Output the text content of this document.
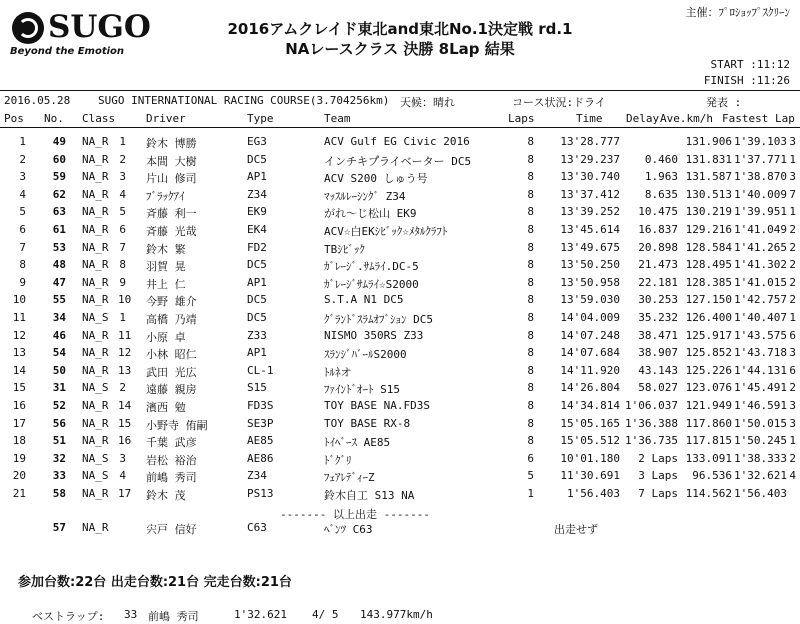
SUGO
Beyond the Emotion
主催：ﾌﾟﾛｼｮｯﾌﾟｽｸﾘｰﾝ
2016アムクレイド東北and東北No.1決定戦 rd.1
NAレースクラス 決勝 8Lap 結果
START :11:12
FINISH :11:26
2016.05.28	SUGO INTERNATIONAL RACING COURSE(3.704256km) 天候：晴れ	コース状況:ドライ	発表 :
Pos No. Class	Driver	Type	Team	Laps	Time Delay Ave.km/h Fastest Lap
1	49 NA_R 1 鈴木 博勝	EG3	ACV Gulf EG Civic 2016	8	13'28.777	131.906 1'39.103 3
2	60 NA_R 2 本間 大樹	DC5	インチキプ゚ライベーター DC5	8	13'29.237	0.460 131.831 1'37.771 1
3	59 NA_R 3 片山 修司	AP1	ACV S200 しゅう号	8	13'30.740	1.963 131.587 1'38.870 3
4	62 NA_R 4 ﾌﾞﾗｯｸｱｲ	Z34	ﾏｯｽﾙﾚｰｼﾝｸﾞ Z34	8	13'37.412	8.635 130.513 1'40.009 7
5	63 NA_R 5 斉藤 利一	EK9	がれ～じ松山 EK9	8	13'39.252	10.475 130.219 1'39.951 1
6	61 NA_R 6 斉藤 光哉	EK4	ACV☆白EKｼﾋﾞｯｸ☆ﾒﾀﾙｸﾗﾌﾄ	8	13'45.614	16.837 129.216 1'41.049 2
7	53 NA_R 7 鈴木 繁	FD2	TBｼﾋﾞｯｸ	8	13'49.675	20.898 128.584 1'41.265 2
8	48 NA_R 8 羽賀 晃	DC5	ｶﾞﾚｰｼﾞ.ｻﾑﾗｲ.DC-5	8	13'50.250	21.473 128.495 1'41.302 2
9	47 NA_R 9 井上 仁	AP1	ｶﾞﾚｰｼﾞｻﾑﾗｲ☆S2000	8	13'50.958	22.181 128.385 1'41.015 2
10	55 NA_R 10 今野 雄介	DC5	S.T.A N1 DC5	8	13'59.030	30.253 127.150 1'42.757 2
11	34 NA_S 1 高橋 乃靖	DC5	ｸﾞﾗﾝﾄﾞｽﾗﾑｵﾌﾞｼｮﾝ DC5	8	14'04.009	35.232 126.400 1'40.407 1
12	46 NA_R 11 小原 卓	Z33	NISMO 350RS Z33	8	14'07.248	38.471 125.917 1'43.575 6
13	54 NA_R 12 小林 昭仁	AP1	ｽﾗﾝｼﾞﾊﾞｰﾙS2000	8	14'07.684	38.907 125.852 1'43.718 3
14	50 NA_R 13 武田 光広	CL-1	ﾄﾙﾈオ	8	14'11.920	43.143 125.226 1'44.131 6
15	31 NA_S 2 遠藤 親房	S15	ﾌｧｲﾝﾄﾞｵｰﾄ S15	8	14'26.804	58.027 123.076 1'45.491 2
16	52 NA_R 14 濱西 勉	FD3S	TOY BASE NA.FD3S	8	14'34.814 1'06.037 121.949 1'46.591 3
17	56 NA_R 15 小野寺 侑嗣	SE3P	TOY BASE RX-8	8	15'05.165 1'36.388 117.860 1'50.015 3
18	51 NA_R 16 千葉 武彦	AE85	ﾄｲﾍﾞｰｽ AE85	8	15'05.512 1'36.735 117.815 1'50.245 1
19	32 NA_S 3 岩松 裕治	AE86	ﾄﾞｸﾞﾘ	6	10'01.180	2 Laps 133.091 1'38.333 2
20	33 NA_S 4 前嶋 秀司	Z34	ﾌｪｱﾚﾃﾞｨｰZ	5	11'30.691	3 Laps	96.536 1'32.621 4
21	58 NA_R 17 鈴木 茂	PS13	鈴木自工 S13 NA	1	1'56.403	7 Laps 114.562 1'56.403
------- 以上出走 -------
57 NA_R	宍戸 信好	C63	ﾍﾞﾝﾂ C63	出走せず
参加台数:22台 出走台数:21台 完走台数:21台
ベストラップ: 33 前嶋 秀司	1'32.621 4/ 5 143.977km/h
